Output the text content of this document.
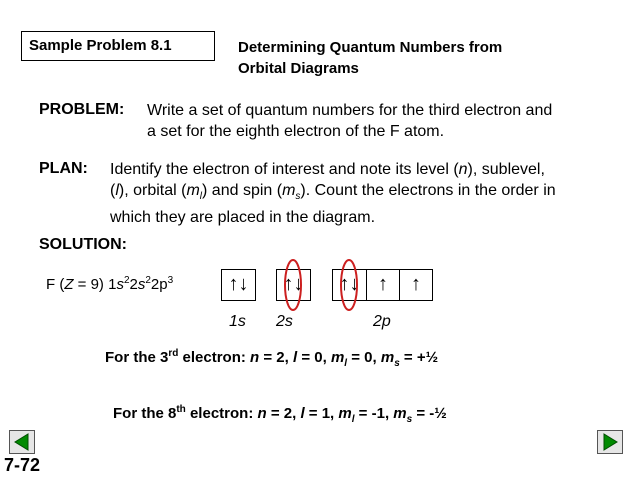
Sample Problem 8.1	Determining Quantum Numbers from
Orbital Diagrams
PROBLEM: Write a set of quantum numbers for the third electron and
a set for the eighth electron of the F atom.
PLAN: Identify the electron of interest and note its level (n), sublevel,
(l), orbital $(m_l)$ and spin $(m_s)$. Count the electrons in the order in
which they are placed in the diagram.
SOLUTION:
F (Z = 9) $1s^22s^22p^3$	↑↓	↑↓	↑↓ ↑	↑
1s 2s	2p
For the 3rd electron: n = 2, l = 0, $m_l = 0$, $m_s$ = +½
For the 8th electron: n = 2, l = 1, $m_l = -1$, $m_s$ = -½
7-72
